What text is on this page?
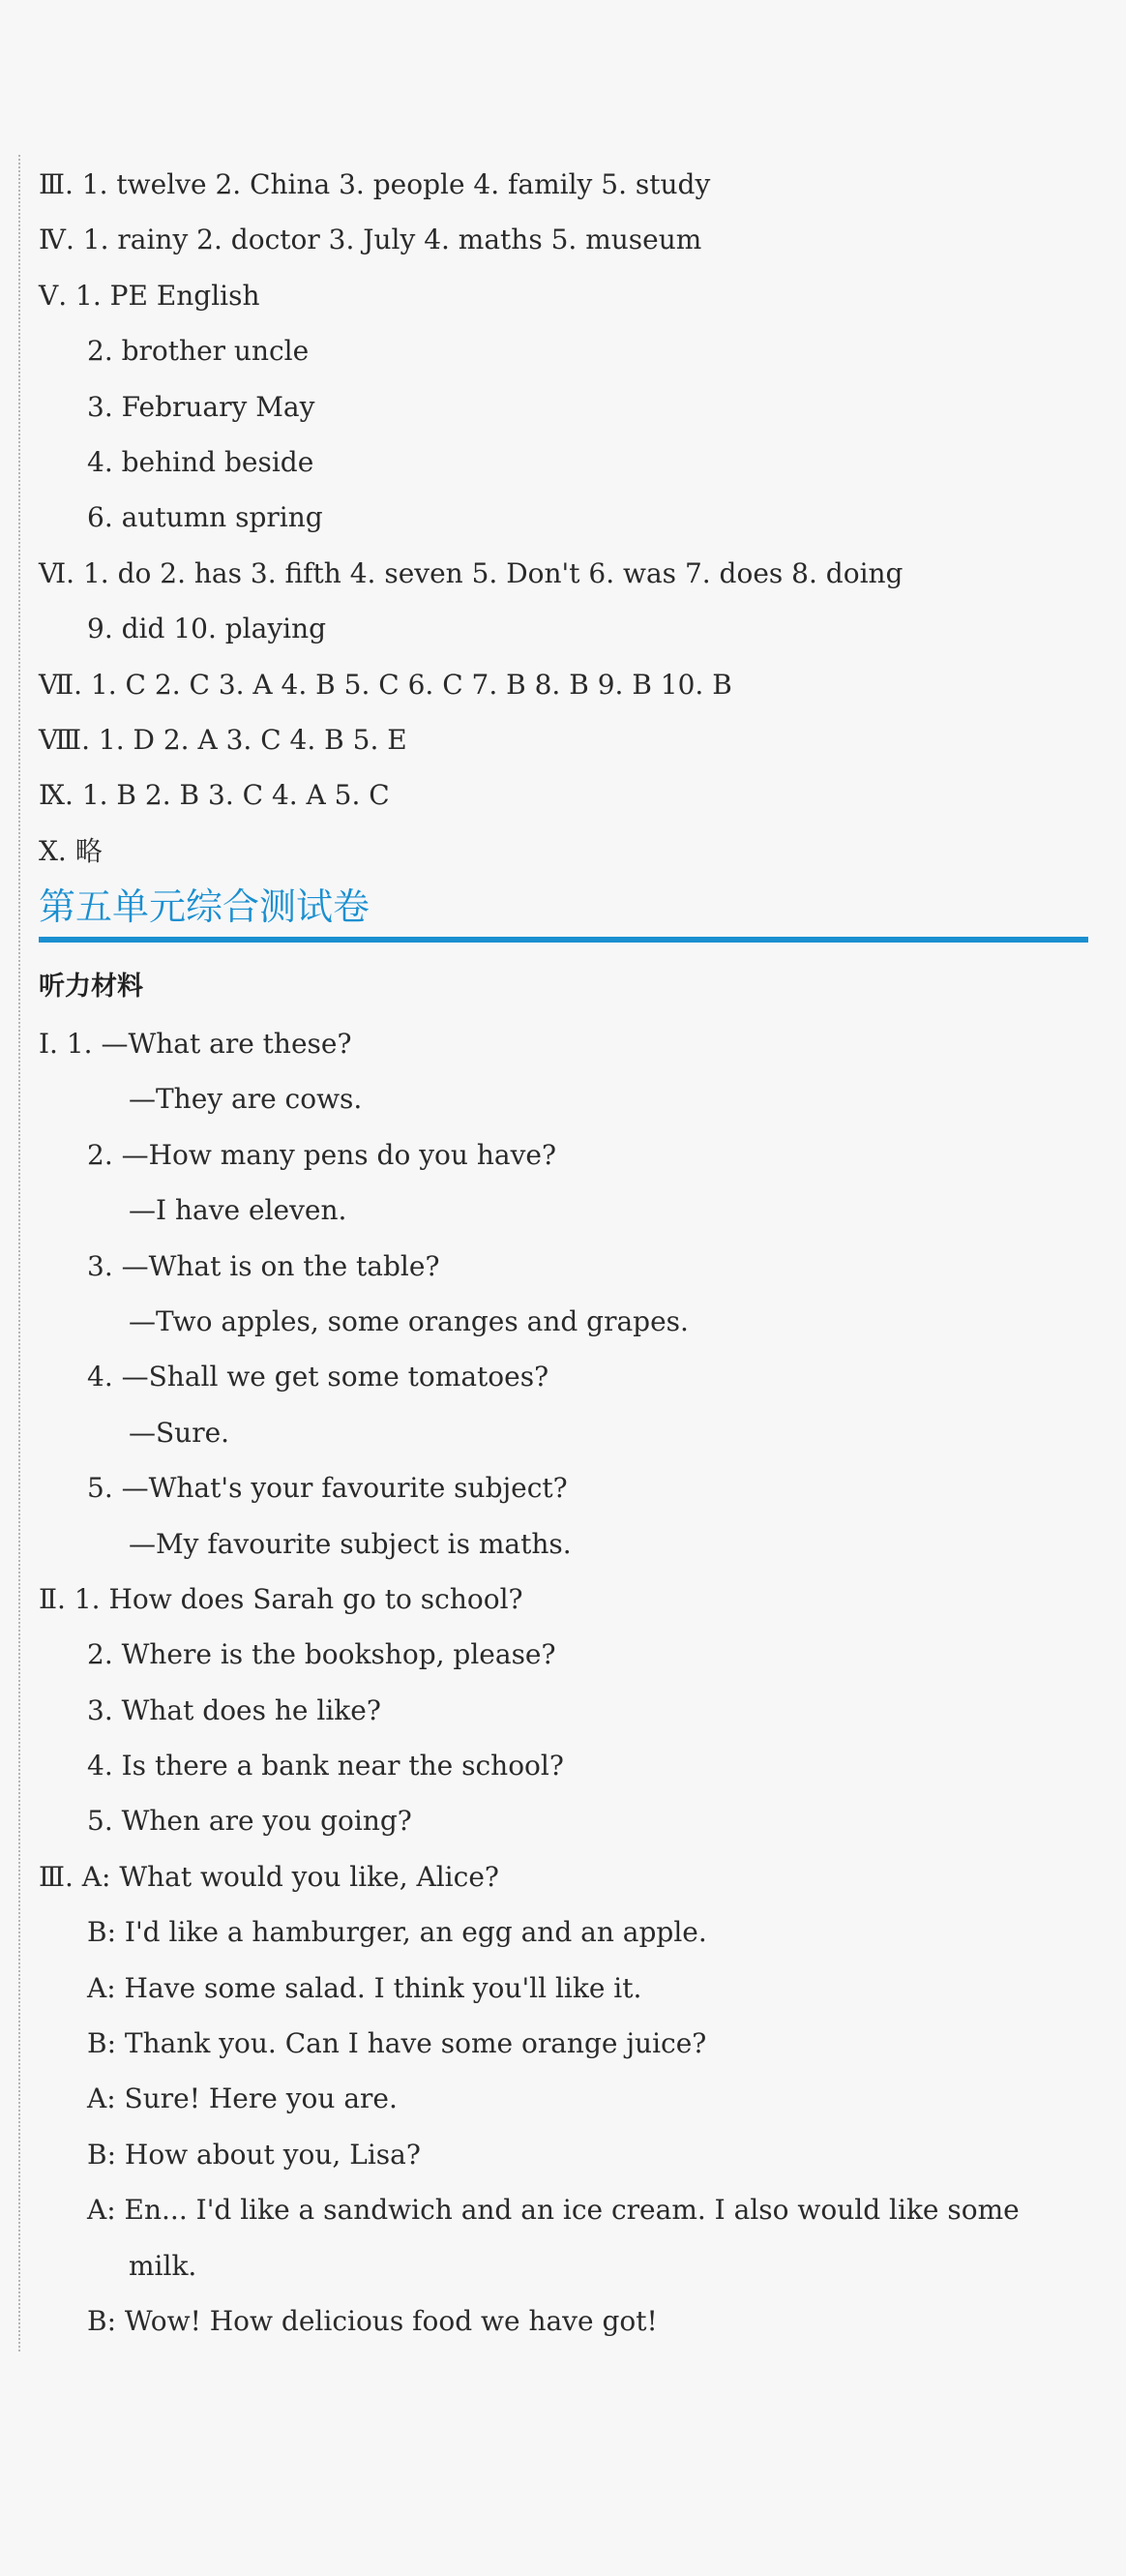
Ⅲ. 1. twelve 2. China 3. people 4. family 5. study
Ⅳ. 1. rainy 2. doctor 3. July 4. maths 5. museum
Ⅴ. 1. PE English
2. brother uncle
3. February May
4. behind beside
6. autumn spring
Ⅵ. 1. do 2. has 3. fifth 4. seven 5. Don't 6. was 7. does 8. doing
9. did 10. playing
Ⅶ. 1. C 2. C 3. A 4. B 5. C 6. C 7. B 8. B 9. B 10. B
Ⅷ. 1. D 2. A 3. C 4. B 5. E
Ⅸ. 1. B 2. B 3. C 4. A 5. C
Ⅹ. 略
第五单元综合测试卷
听力材料
Ⅰ. 1. —What are these?
—They are cows.
2. —How many pens do you have?
—I have eleven.
3. —What is on the table?
—Two apples, some oranges and grapes.
4. —Shall we get some tomatoes?
—Sure.
5. —What's your favourite subject?
—My favourite subject is maths.
Ⅱ. 1. How does Sarah go to school?
2. Where is the bookshop, please?
3. What does he like?
4. Is there a bank near the school?
5. When are you going?
Ⅲ. A: What would you like, Alice?
B: I'd like a hamburger, an egg and an apple.
A: Have some salad. I think you'll like it.
B: Thank you. Can I have some orange juice?
A: Sure! Here you are.
B: How about you, Lisa?
A: En... I'd like a sandwich and an ice cream. I also would like some
milk.
B: Wow! How delicious food we have got!
